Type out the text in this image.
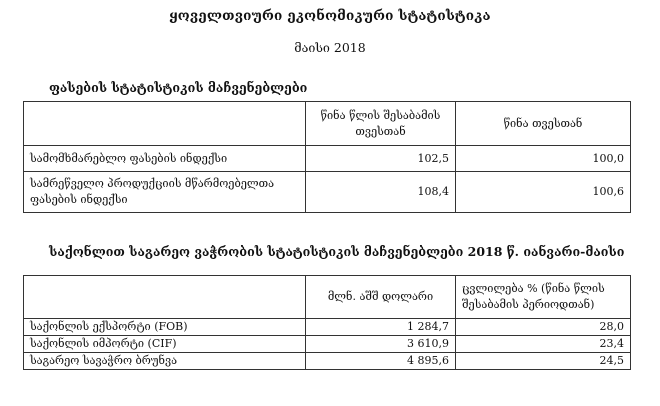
ყოველთვიური ეკონომიკური სტატისტიკა
მაისი 2018
ფასების სტატისტიკის მაჩვენებლები
	წინა წლის შესაბამის თვესთან	წინა თვესთან
სამომხმარებლო ფასების ინდექსი	102,5	100,0
სამრეწველო პროდუქციის მწარმოებელთა ფასების ინდექსი	108,4	100,6
საქონლით საგარეო ვაჭრობის სტატისტიკის მაჩვენებლები 2018 წ. იანვარი-მაისი
	მლნ. აშშ დოლარი	ცვლილება % (წინა წლის შესაბამის პერიოდთან)
საქონლის ექსპორტი (FOB)	1 284,7	28,0
საქონლის იმპორტი (CIF)	3 610,9	23,4
საგარეო სავაჭრო ბრუნვა	4 895,6	24,5
